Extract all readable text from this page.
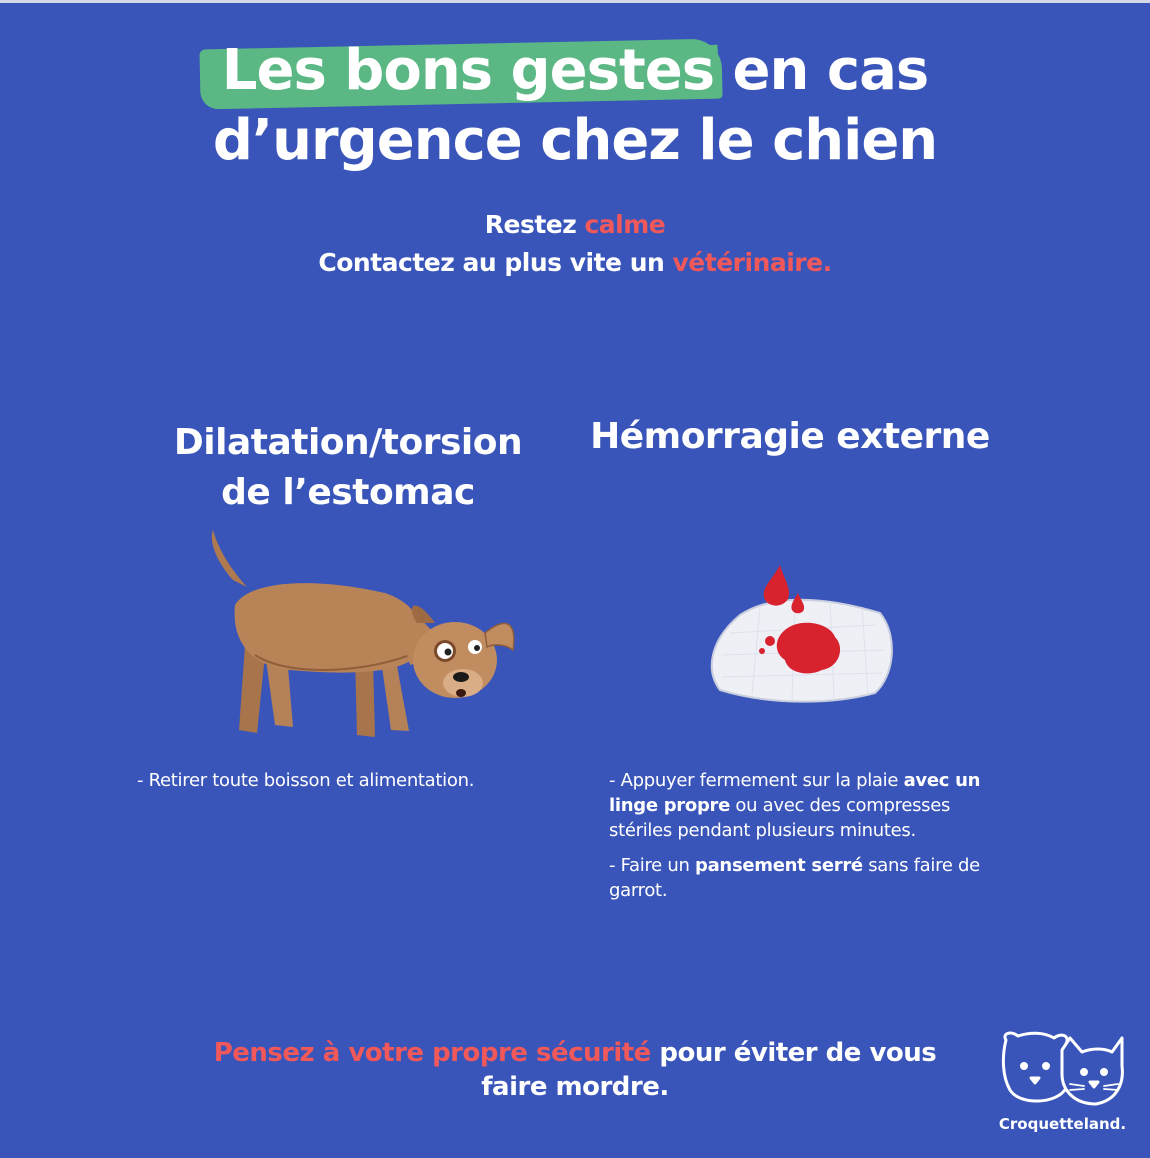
Les bons gestes en cas
d’urgence chez le chien
Restez calme
Contactez au plus vite un vétérinaire.
Dilatation/torsion
de l’estomac

- Retirer toute boisson et alimentation.

Hémorragie externe

- Appuyer fermement sur la plaie avec un linge propre ou avec des compresses stériles pendant plusieurs minutes.

- Faire un pansement serré sans faire de garrot.

Pensez à votre propre sécurité pour éviter de vous faire mordre.
Croquetteland.
